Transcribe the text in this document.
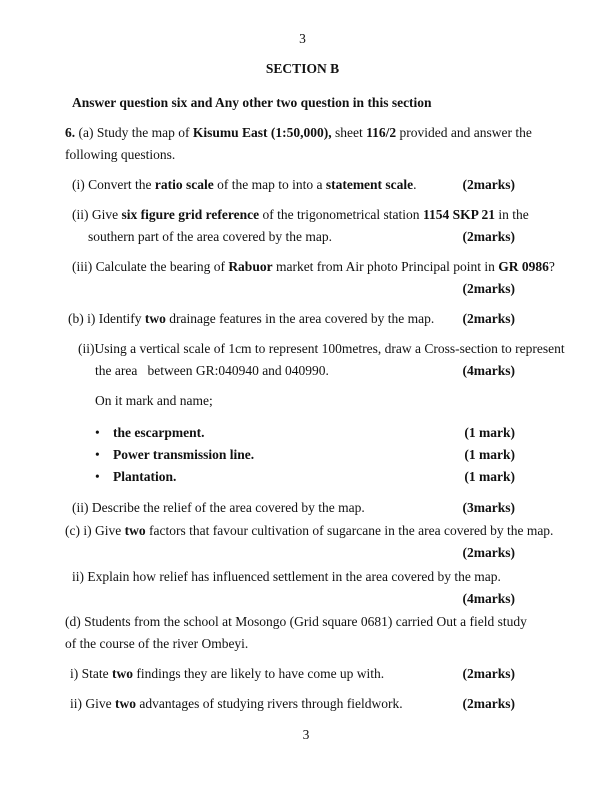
3
SECTION B

Answer question six and Any other two question in this section

6. (a) Study the map of Kisumu East (1:50,000), sheet 116/2 provided and answer the

following questions.

(i) Convert the ratio scale of the map to into a statement scale.	(2marks)

(ii) Give six figure grid reference of the trigonometrical station 1154 SKP 21 in the

southern part of the area covered by the map.	(2marks)

(iii) Calculate the bearing of Rabuor market from Air photo Principal point in GR 0986?

(2marks)

(b) i) Identify two drainage features in the area covered by the map.	(2marks)

(ii)Using a vertical scale of 1cm to represent 100metres, draw a Cross-section to represent

the area   between GR:040940 and 040990.	(4marks)

On it mark and name;

• the escarpment.	(1 mark)

• Power transmission line.	(1 mark)

• Plantation.	(1 mark)

(ii) Describe the relief of the area covered by the map.	(3marks)

(c) i) Give two factors that favour cultivation of sugarcane in the area covered by the map.

(2marks)

ii) Explain how relief has influenced settlement in the area covered by the map.

(4marks)

(d) Students from the school at Mosongo (Grid square 0681) carried Out a field study

of the course of the river Ombeyi.

i) State two findings they are likely to have come up with.	(2marks)

ii) Give two advantages of studying rivers through fieldwork.	(2marks)
3
